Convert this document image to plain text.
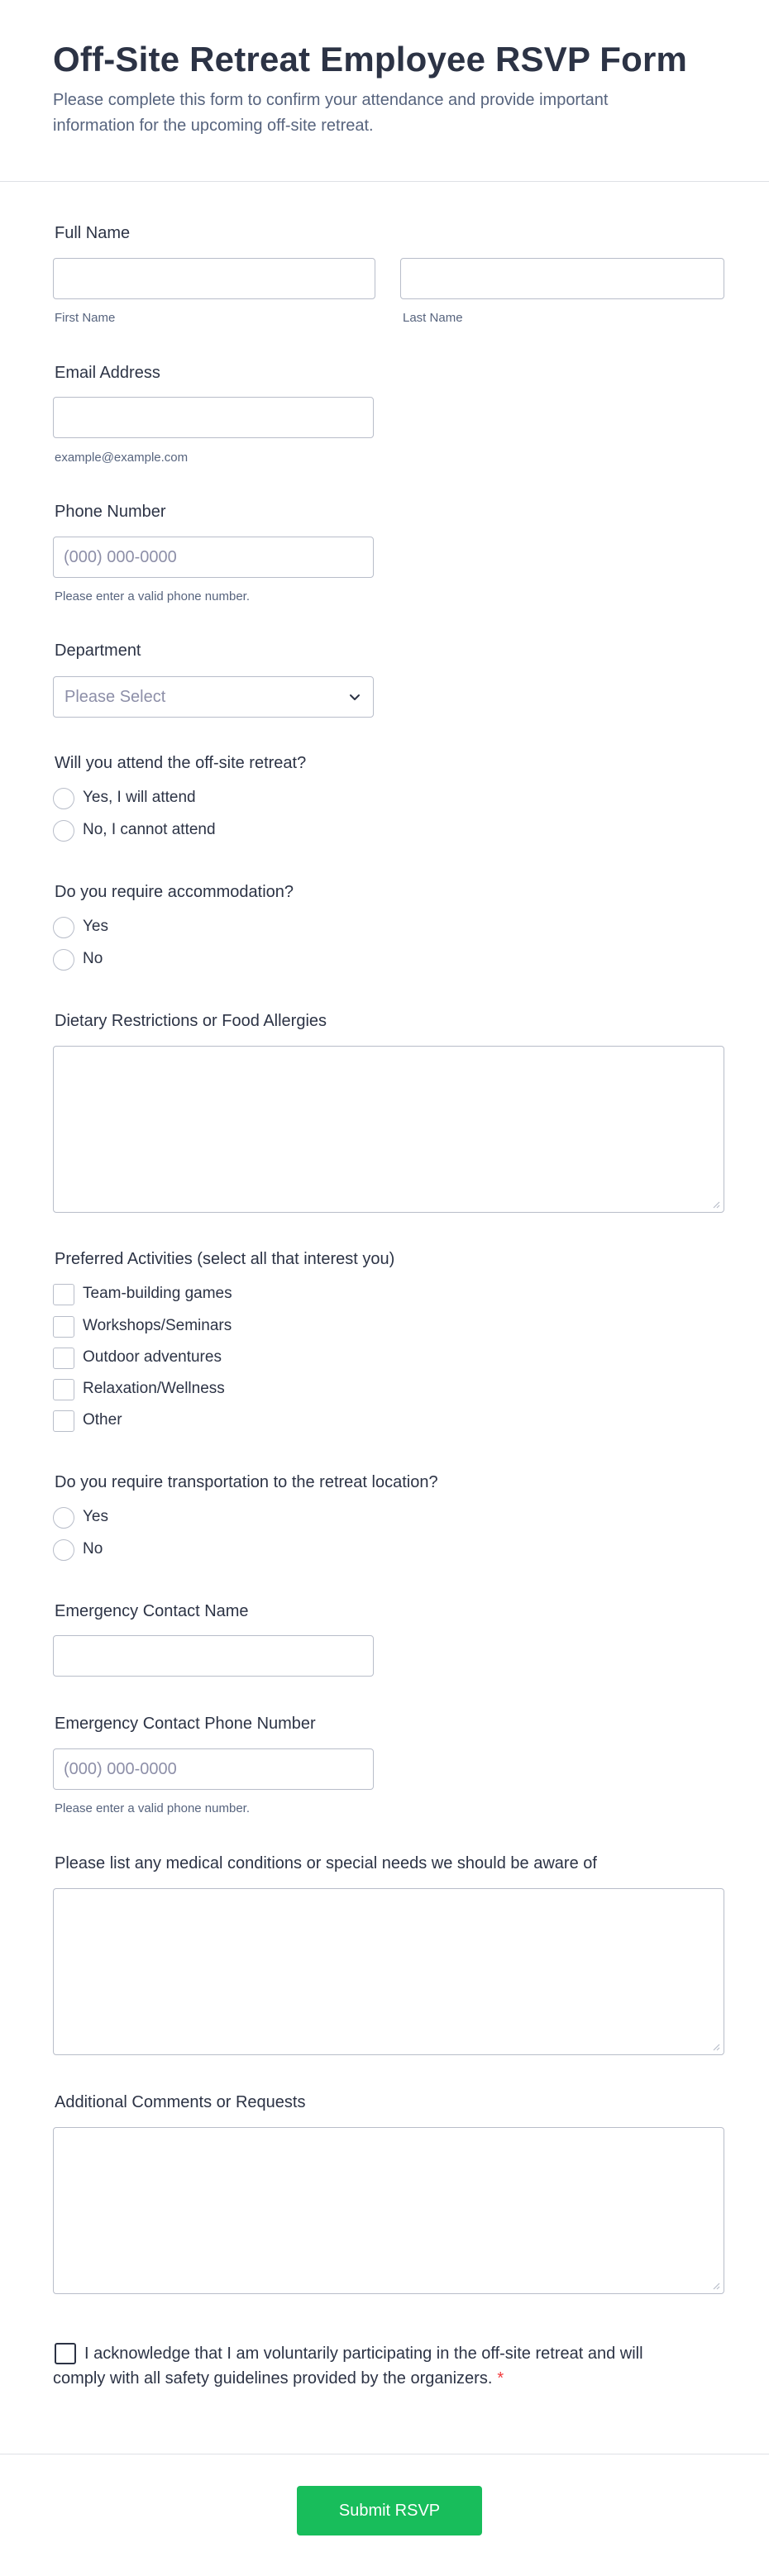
Off-Site Retreat Employee RSVP Form

Please complete this form to confirm your attendance and provide important information for the upcoming off-site retreat.

Full Name
First Name	Last Name
Email Address
example@example.com
Phone Number
(000) 000-0000
Please enter a valid phone number.
Department
Please Select
Will you attend the off-site retreat?
Yes, I will attend
No, I cannot attend
Do you require accommodation?
Yes
No
Dietary Restrictions or Food Allergies
Preferred Activities (select all that interest you)
Team-building games
Workshops/Seminars
Outdoor adventures
Relaxation/Wellness
Other
Do you require transportation to the retreat location?
Yes
No
Emergency Contact Name
Emergency Contact Phone Number
(000) 000-0000
Please enter a valid phone number.
Please list any medical conditions or special needs we should be aware of
Additional Comments or Requests

I acknowledge that I am voluntarily participating in the off-site retreat and will comply with all safety guidelines provided by the organizers. *

Submit RSVP
